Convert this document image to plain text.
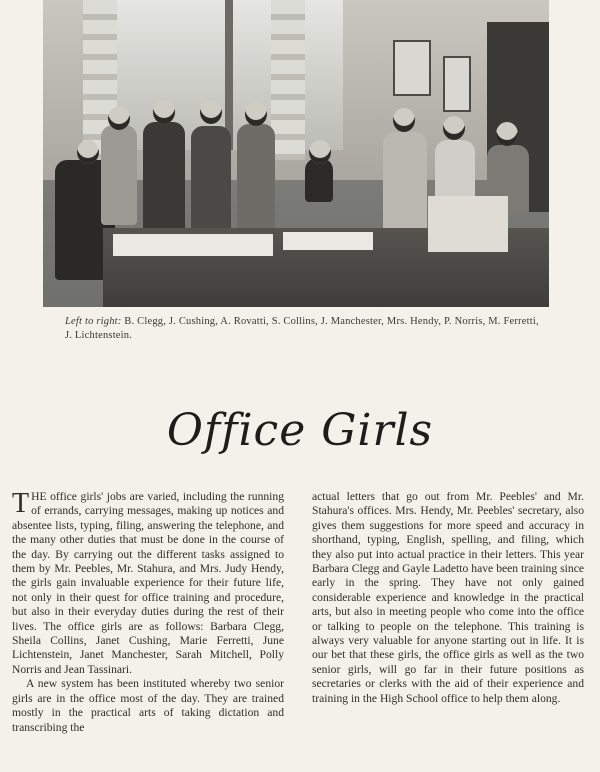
Left to right: B. Clegg, J. Cushing, A. Rovatti, S. Collins, J. Manchester, Mrs. Hendy, P. Norris, M. Ferretti, J. Lichtenstein.

Office Girls

THE office girls' jobs are varied, including the running of errands, carrying messages, making up notices and absentee lists, typing, filing, answering the telephone, and the many other duties that must be done in the course of the day. By carrying out the different tasks assigned to them by Mr. Peebles, Mr. Stahura, and Mrs. Judy Hendy, the girls gain invaluable experience for their future life, not only in their quest for office training and procedure, but also in their everyday duties during the rest of their lives. The office girls are as follows: Barbara Clegg, Sheila Collins, Janet Cushing, Marie Ferretti, June Lichtenstein, Janet Manchester, Sarah Mitchell, Polly Norris and Jean Tassinari.

A new system has been instituted whereby two senior girls are in the office most of the day. They are trained mostly in the practical arts of taking dictation and transcribing the

actual letters that go out from Mr. Peebles' and Mr. Stahura's offices. Mrs. Hendy, Mr. Peebles' secretary, also gives them suggestions for more speed and accuracy in shorthand, typing, English, spelling, and filing, which they also put into actual practice in their letters. This year Barbara Clegg and Gayle Ladetto have been training since early in the spring. They have not only gained considerable experience and knowledge in the practical arts, but also in meeting people who come into the office or talking to people on the telephone. This training is always very valuable for anyone starting out in life. It is our bet that these girls, the office girls as well as the two senior girls, will go far in their future positions as secretaries or clerks with the aid of their experience and training in the High School office to help them along.
